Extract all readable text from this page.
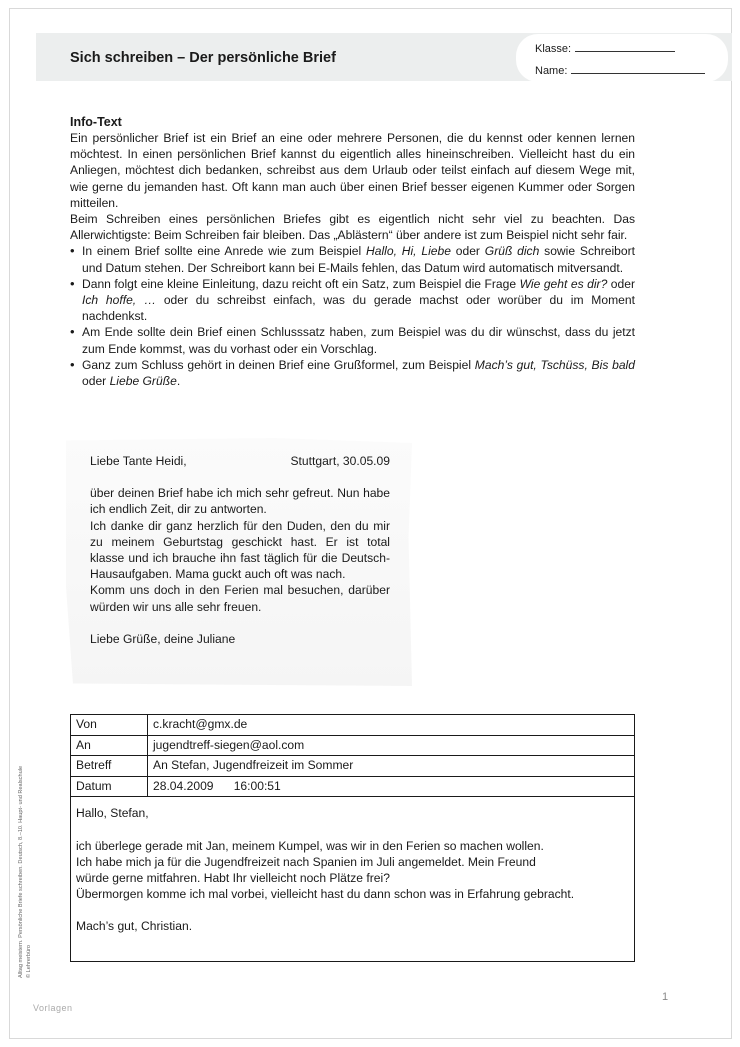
Sich schreiben – Der persönliche Brief
Klasse:
Name:
Info-Text

Ein persönlicher Brief ist ein Brief an eine oder mehrere Personen, die du kennst oder kennen lernen möchtest. In einen persönlichen Brief kannst du eigentlich alles hineinschreiben. Vielleicht hast du ein Anliegen, möchtest dich bedanken, schreibst aus dem Urlaub oder teilst einfach auf diesem Wege mit, wie gerne du jemanden hast. Oft kann man auch über einen Brief besser eigenen Kummer oder Sorgen mitteilen.

Beim Schreiben eines persönlichen Briefes gibt es eigentlich nicht sehr viel zu beachten. Das Allerwichtigste: Beim Schreiben fair bleiben. Das „Ablästern“ über andere ist zum Beispiel nicht sehr fair.

• In einem Brief sollte eine Anrede wie zum Beispiel Hallo, Hi, Liebe oder Grüß dich sowie Schreibort und Datum stehen. Der Schreibort kann bei E-Mails fehlen, das Datum wird automatisch mitversandt.
• Dann folgt eine kleine Einleitung, dazu reicht oft ein Satz, zum Beispiel die Frage Wie geht es dir? oder Ich hoffe, … oder du schreibst einfach, was du gerade machst oder worüber du im Moment nachdenkst.
• Am Ende sollte dein Brief einen Schlusssatz haben, zum Beispiel was du dir wünschst, dass du jetzt zum Ende kommst, was du vorhast oder ein Vorschlag.
• Ganz zum Schluss gehört in deinen Brief eine Grußformel, zum Beispiel Mach’s gut, Tschüss, Bis bald oder Liebe Grüße.
Liebe Tante Heidi,	Stuttgart, 30.05.09

über deinen Brief habe ich mich sehr gefreut. Nun habe ich endlich Zeit, dir zu antworten.

Ich danke dir ganz herzlich für den Duden, den du mir zu meinem Geburtstag geschickt hast. Er ist total klasse und ich brauche ihn fast täglich für die Deutsch-Hausaufgaben. Mama guckt auch oft was nach.

Komm uns doch in den Ferien mal besuchen, darüber würden wir uns alle sehr freuen.

Liebe Grüße, deine Juliane

Von	c.kracht@gmx.de
An	jugendtreff-siegen@aol.com
Betreff	An Stefan, Jugendfreizeit im Sommer
Datum	28.04.2009      16:00:51

Hallo, Stefan,

ich überlege gerade mit Jan, meinem Kumpel, was wir in den Ferien so machen wollen.

Ich habe mich ja für die Jugendfreizeit nach Spanien im Juli angemeldet. Mein Freund

würde gerne mitfahren. Habt Ihr vielleicht noch Plätze frei?

Übermorgen komme ich mal vorbei, vielleicht hast du dann schon was in Erfahrung gebracht.

Mach’s gut, Christian.

Alltag meistern. Persönliche Briefe schreiben. Deutsch, 8.–10. Haupt- und Realschule © Lehrerbüro

1
Vorlagen
